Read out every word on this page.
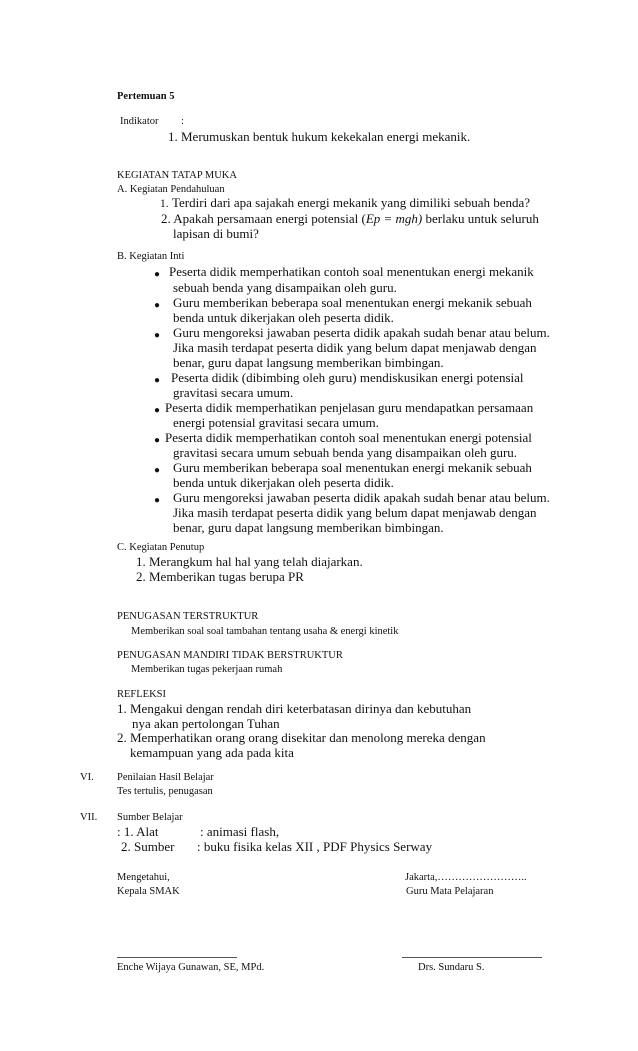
Pertemuan 5
Indikator :
1. Merumuskan bentuk hukum kekekalan energi mekanik.
KEGIATAN TATAP MUKA
A. Kegiatan Pendahuluan
1. Terdiri dari apa sajakah energi mekanik yang dimiliki sebuah benda?
2. Apakah persamaan energi potensial (Ep = mgh) berlaku untuk seluruh
lapisan di bumi?
B. Kegiatan Inti
● Peserta didik memperhatikan contoh soal menentukan energi mekanik
sebuah benda yang disampaikan oleh guru.
● Guru memberikan beberapa soal menentukan energi mekanik sebuah
benda untuk dikerjakan oleh peserta didik.
● Guru mengoreksi jawaban peserta didik apakah sudah benar atau belum.
Jika masih terdapat peserta didik yang belum dapat menjawab dengan
benar, guru dapat langsung memberikan bimbingan.
● Peserta didik (dibimbing oleh guru) mendiskusikan energi potensial
gravitasi secara umum.
● Peserta didik memperhatikan penjelasan guru mendapatkan persamaan
energi potensial gravitasi secara umum.
● Peserta didik memperhatikan contoh soal menentukan energi potensial
gravitasi secara umum sebuah benda yang disampaikan oleh guru.
● Guru memberikan beberapa soal menentukan energi mekanik sebuah
benda untuk dikerjakan oleh peserta didik.
● Guru mengoreksi jawaban peserta didik apakah sudah benar atau belum.
Jika masih terdapat peserta didik yang belum dapat menjawab dengan
benar, guru dapat langsung memberikan bimbingan.
C. Kegiatan Penutup
1. Merangkum hal hal yang telah diajarkan.
2. Memberikan tugas berupa PR
PENUGASAN TERSTRUKTUR
Memberikan soal soal tambahan tentang usaha & energi kinetik
PENUGASAN MANDIRI TIDAK BERSTRUKTUR
Memberikan tugas pekerjaan rumah
REFLEKSI
1. Mengakui dengan rendah diri keterbatasan dirinya dan kebutuhan
nya akan pertolongan Tuhan
2. Memperhatikan orang orang disekitar dan menolong mereka dengan
kemampuan yang ada pada kita
VI. Penilaian Hasil Belajar
Tes tertulis, penugasan
VII. Sumber Belajar
: 1. Alat	: animasi flash,
2. Sumber : buku fisika kelas XII , PDF Physics Serway
Mengetahui,
Kepala SMAK
Jakarta,……………………..
Guru Mata Pelajaran
Enche Wijaya Gunawan, SE, MPd.	Drs. Sundaru S.
